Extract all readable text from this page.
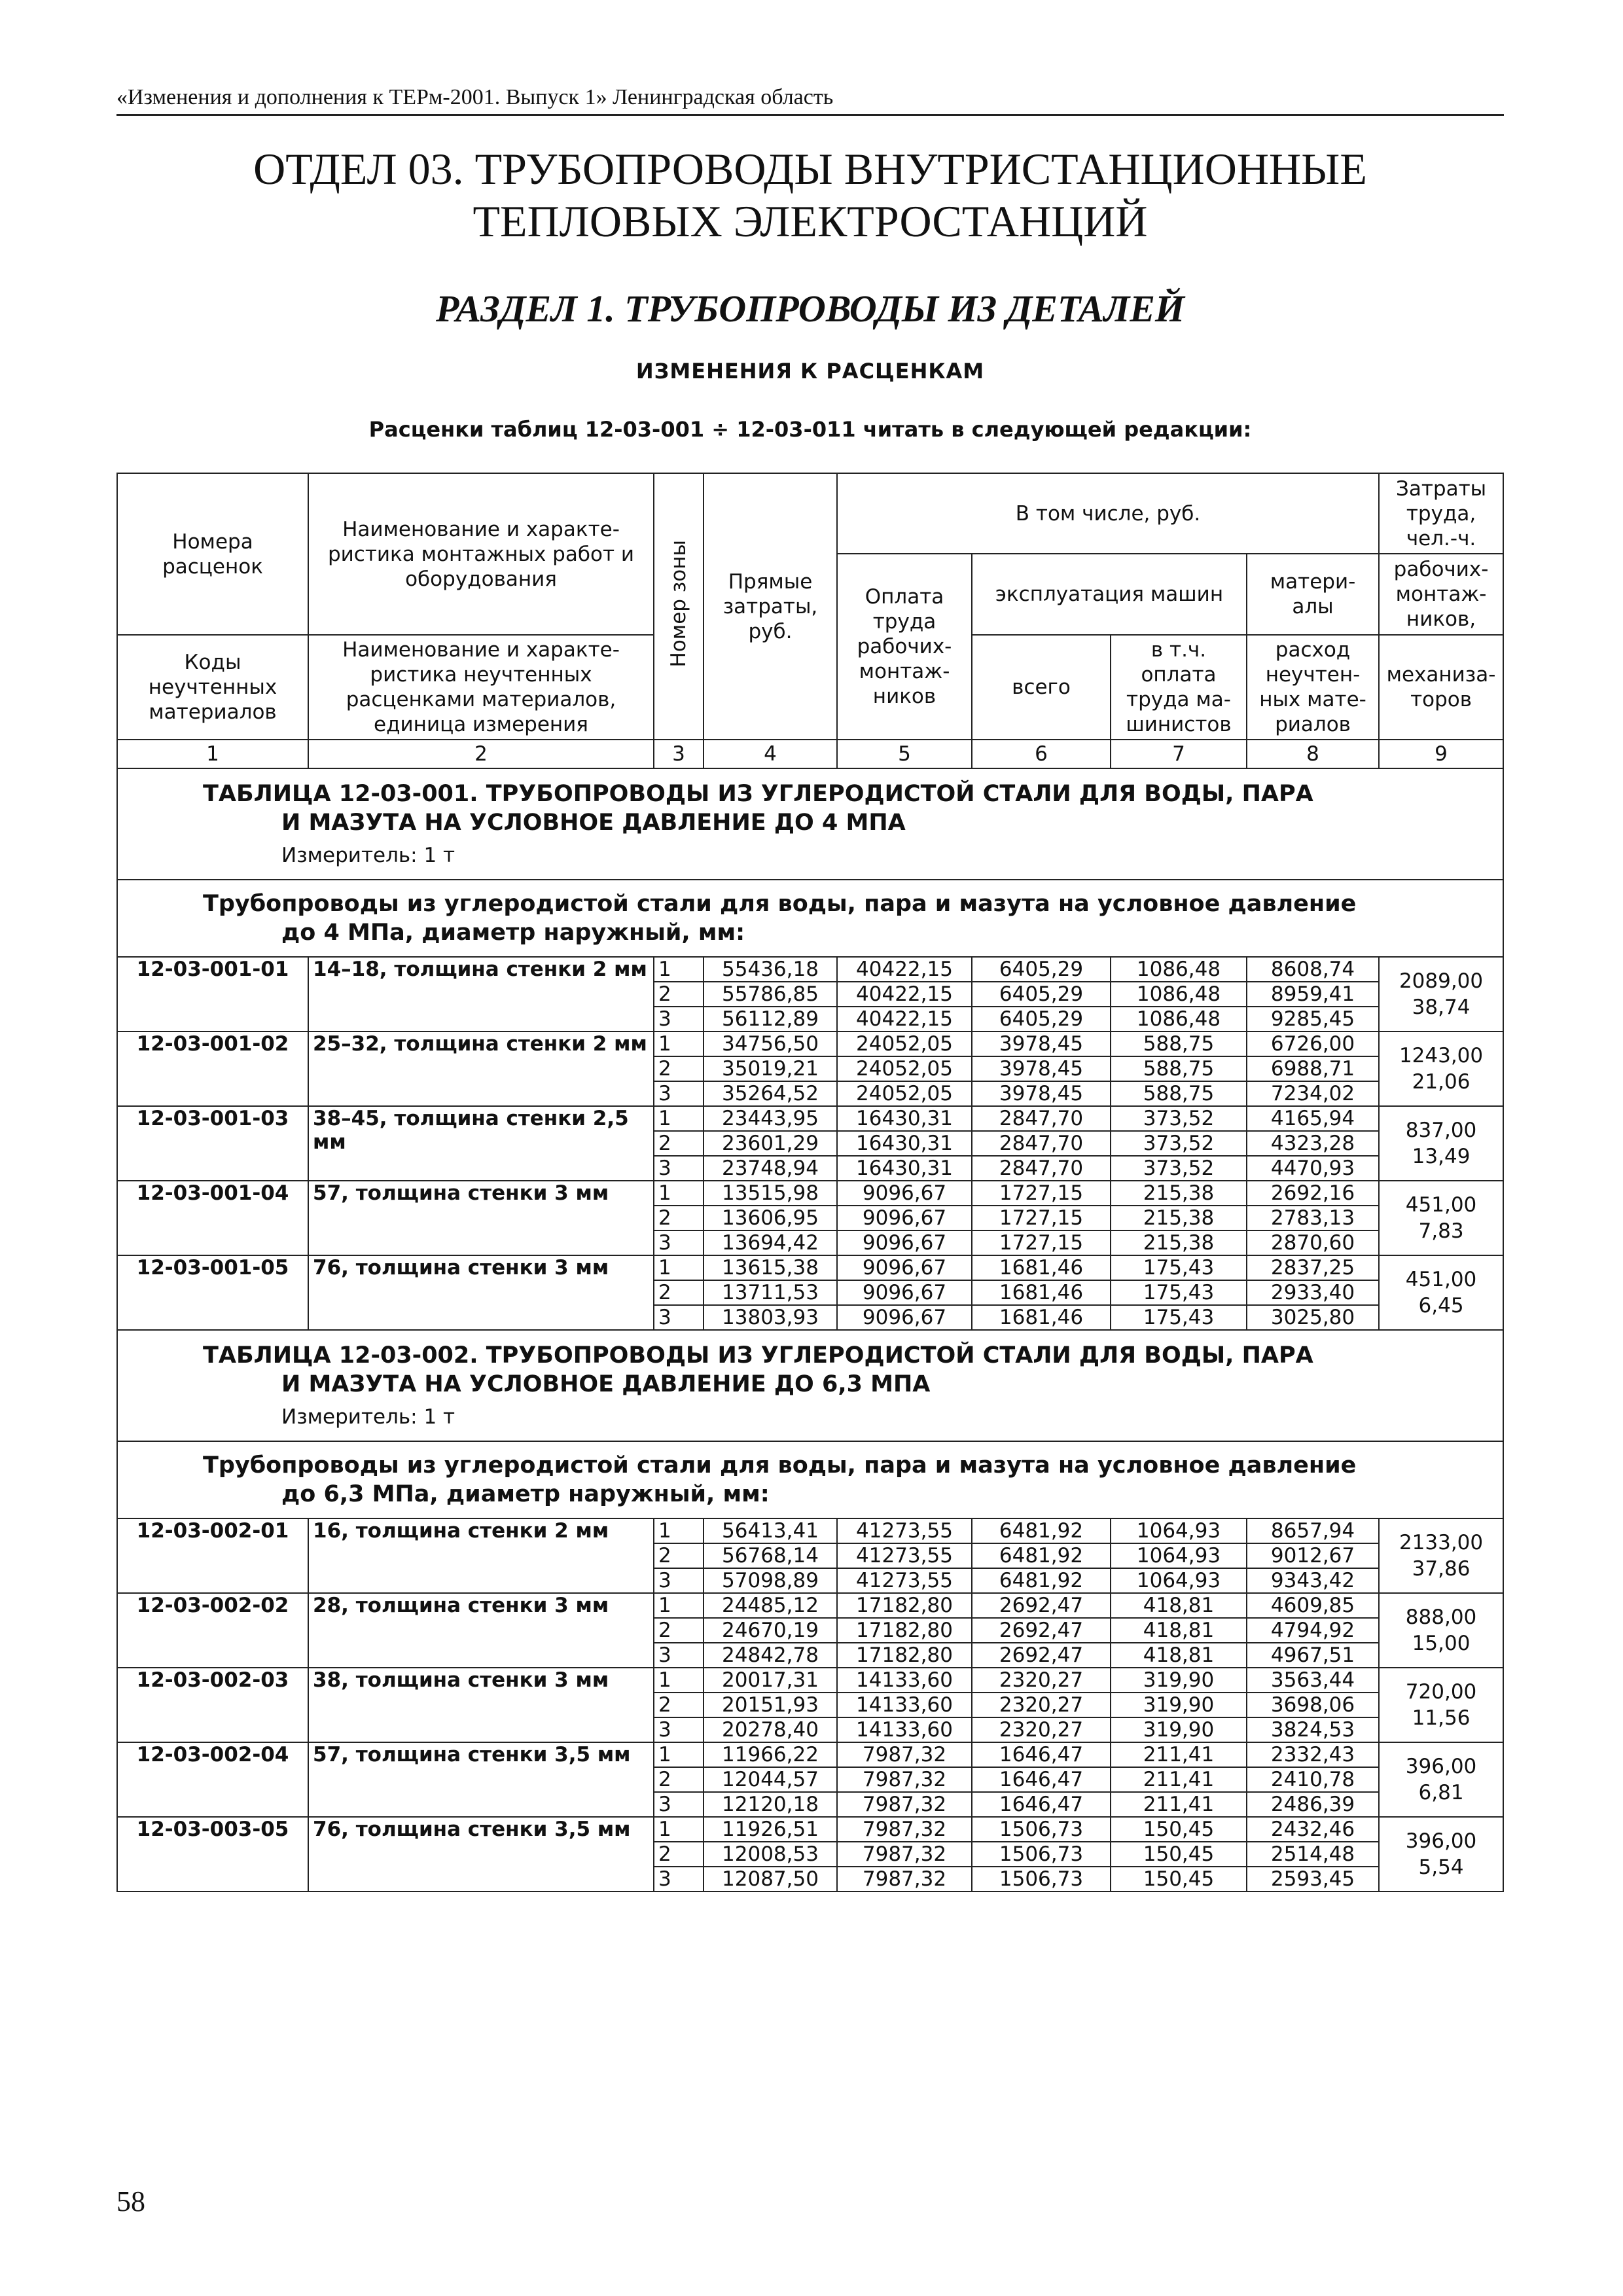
«Изменения и дополнения к ТЕРм-2001. Выпуск 1» Ленинградская область
ОТДЕЛ 03. ТРУБОПРОВОДЫ ВНУТРИСТАНЦИОННЫЕ
ТЕПЛОВЫХ ЭЛЕКТРОСТАНЦИЙ
РАЗДЕЛ 1. ТРУБОПРОВОДЫ ИЗ ДЕТАЛЕЙ
ИЗМЕНЕНИЯ К РАСЦЕНКАМ
Расценки таблиц 12-03-001 ÷ 12-03-011 читать в следующей редакции:
Номера расценок	Наименование и характе-ристика монтажных работ и оборудования	Номер зоны	Прямые затраты, руб.	В том числе, руб.				Затраты труда, чел.-ч.
				Оплата труда рабочих-монтаж-ников	эксплуатация машин		матери-алы	рабочих-монтаж-ников,
Коды неучтенных материалов	Наименование и характе-ристика неучтенных расценками материалов, единица измерения				всего	в т.ч. оплата труда ма-шинистов	расход неучтен-ных мате-риалов	механиза-торов
1	2	3	4	5	6	7	8	9
ТАБЛИЦА 12-03-001. ТРУБОПРОВОДЫ ИЗ УГЛЕРОДИСТОЙ СТАЛИ ДЛЯ ВОДЫ, ПАРА
И МАЗУТА НА УСЛОВНОЕ ДАВЛЕНИЕ ДО 4 МПА
Измеритель: 1 т								

Трубопроводы из углеродистой стали для воды, пара и мазута на условное давление
до 4 МПа, диаметр наружный, мм:								

12-03-001-01	14–18, толщина стенки 2 мм	1	55436,18	40422,15	6405,29	1086,48	8608,74	2089,00
38,74

		2	55786,85	40422,15	6405,29	1086,48	8959,41	
		3	56112,89	40422,15	6405,29	1086,48	9285,45	
12-03-001-02	25–32, толщина стенки 2 мм	1	34756,50	24052,05	3978,45	588,75	6726,00	1243,00
21,06

		2	35019,21	24052,05	3978,45	588,75	6988,71	
		3	35264,52	24052,05	3978,45	588,75	7234,02	
12-03-001-03	38–45, толщина стенки 2,5 мм	1	23443,95	16430,31	2847,70	373,52	4165,94	837,00
13,49

		2	23601,29	16430,31	2847,70	373,52	4323,28	
		3	23748,94	16430,31	2847,70	373,52	4470,93	
12-03-001-04	57, толщина стенки 3 мм	1	13515,98	9096,67	1727,15	215,38	2692,16	451,00
7,83

		2	13606,95	9096,67	1727,15	215,38	2783,13	
		3	13694,42	9096,67	1727,15	215,38	2870,60	
12-03-001-05	76, толщина стенки 3 мм	1	13615,38	9096,67	1681,46	175,43	2837,25	451,00
6,45

		2	13711,53	9096,67	1681,46	175,43	2933,40	
		3	13803,93	9096,67	1681,46	175,43	3025,80	
ТАБЛИЦА 12-03-002. ТРУБОПРОВОДЫ ИЗ УГЛЕРОДИСТОЙ СТАЛИ ДЛЯ ВОДЫ, ПАРА
И МАЗУТА НА УСЛОВНОЕ ДАВЛЕНИЕ ДО 6,3 МПА
Измеритель: 1 т								

Трубопроводы из углеродистой стали для воды, пара и мазута на условное давление
до 6,3 МПа, диаметр наружный, мм:								

12-03-002-01	16, толщина стенки 2 мм	1	56413,41	41273,55	6481,92	1064,93	8657,94	2133,00
37,86

		2	56768,14	41273,55	6481,92	1064,93	9012,67	
		3	57098,89	41273,55	6481,92	1064,93	9343,42	
12-03-002-02	28, толщина стенки 3 мм	1	24485,12	17182,80	2692,47	418,81	4609,85	888,00
15,00

		2	24670,19	17182,80	2692,47	418,81	4794,92	
		3	24842,78	17182,80	2692,47	418,81	4967,51	
12-03-002-03	38, толщина стенки 3 мм	1	20017,31	14133,60	2320,27	319,90	3563,44	720,00
11,56

		2	20151,93	14133,60	2320,27	319,90	3698,06	
		3	20278,40	14133,60	2320,27	319,90	3824,53	
12-03-002-04	57, толщина стенки 3,5 мм	1	11966,22	7987,32	1646,47	211,41	2332,43	396,00
6,81

		2	12044,57	7987,32	1646,47	211,41	2410,78	
		3	12120,18	7987,32	1646,47	211,41	2486,39	
12-03-003-05	76, толщина стенки 3,5 мм	1	11926,51	7987,32	1506,73	150,45	2432,46	396,00
5,54

		2	12008,53	7987,32	1506,73	150,45	2514,48	
		3	12087,50	7987,32	1506,73	150,45	2593,45	
58
